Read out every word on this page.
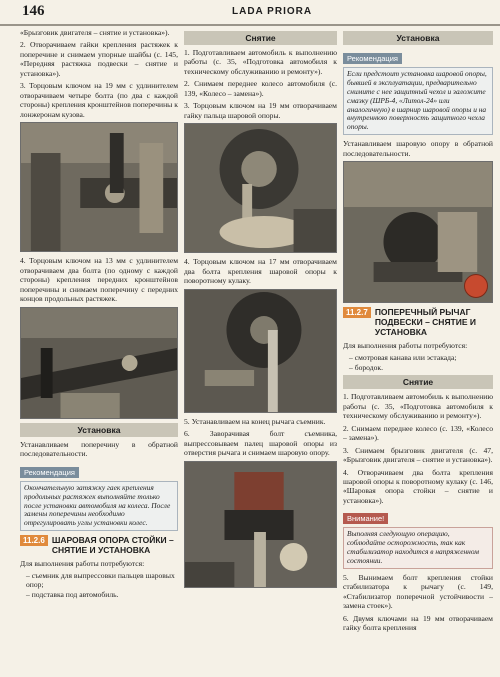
146	LADA PRIORA

«Брызговик двигателя – снятие и установка»).

2. Отворачиваем гайки крепления растяжек к поперечине и снимаем упорные шайбы (с. 145, «Передняя растяжка подвески – снятие и установка»).

3. Торцовым ключом на 19 мм с удлинителем отворачиваем четыре болта (по два с каждой стороны) крепления кронштейнов поперечины к лонжеронам кузова.

4. Торцовым ключом на 13 мм с удлинителем отворачиваем два болта (по одному с каждой стороны) крепления передних кронштейнов поперечины и снимаем поперечину с передних концов продольных растяжек.

Установка

Устанавливаем поперечину в обратной последовательности.

Рекомендация
Окончательную затяжку гаек крепления продольных растяжек выполняйте только после установки автомобиля на колеса. После замены поперечины необходимо отрегулировать углы установки колес.
11.2.6 ШАРОВАЯ ОПОРА СТОЙКИ – СНЯТИЕ И УСТАНОВКА

Для выполнения работы потребуются:

– съемник для выпрессовки пальцев шаровых опор;
– подставка под автомобиль.
Снятие

1. Подготавливаем автомобиль к выполнению работы (с. 35, «Подготовка автомобиля к техническому обслуживанию и ремонту»).

2. Снимаем переднее колесо автомобиля (с. 139, «Колесо – замена»).

3. Торцовым ключом на 19 мм отворачиваем гайку пальца шаровой опоры.

4. Торцовым ключом на 17 мм отворачиваем два болта крепления шаровой опоры к поворотному кулаку.

5. Устанавливаем на конец рычага съемник.

6. Заворачивая болт съемника, выпрессовываем палец шаровой опоры из отверстия рычага и снимаем шаровую опору.

Установка
Рекомендация
Если предстоит установка шаровой опоры, бывшей в эксплуатации, предварительно снимите с нее защитный чехол и заложите смазку (ШРБ-4, «Литол-24» или аналогичную) в шарнир шаровой опоры и на внутреннюю поверхность защитного чехла опоры.

Устанавливаем шаровую опору в обратной последовательности.

11.2.7 ПОПЕРЕЧНЫЙ РЫЧАГ ПОДВЕСКИ – СНЯТИЕ И УСТАНОВКА

Для выполнения работы потребуются:

– смотровая канава или эстакада;
– бородок.
Снятие

1. Подготавливаем автомобиль к выполнению работы (с. 35, «Подготовка автомобиля к техническому обслуживанию и ремонту»).

2. Снимаем переднее колесо (с. 139, «Колесо – замена»).

3. Снимаем брызговик двигателя (с. 47, «Брызговик двигателя – снятие и установка»).

4. Отворачиваем два болта крепления шаровой опоры к поворотному кулаку (с. 146, «Шаровая опора стойки – снятие и установка»).

Внимание!
Выполняя следующую операцию, соблюдайте осторожность, так как стабилизатор находится в напряженном состоянии.

5. Вынимаем болт крепления стойки стабилизатора к рычагу (с. 149, «Стабилизатор поперечной устойчивости – замена стоек»).

6. Двумя ключами на 19 мм отворачиваем гайку болта крепления
